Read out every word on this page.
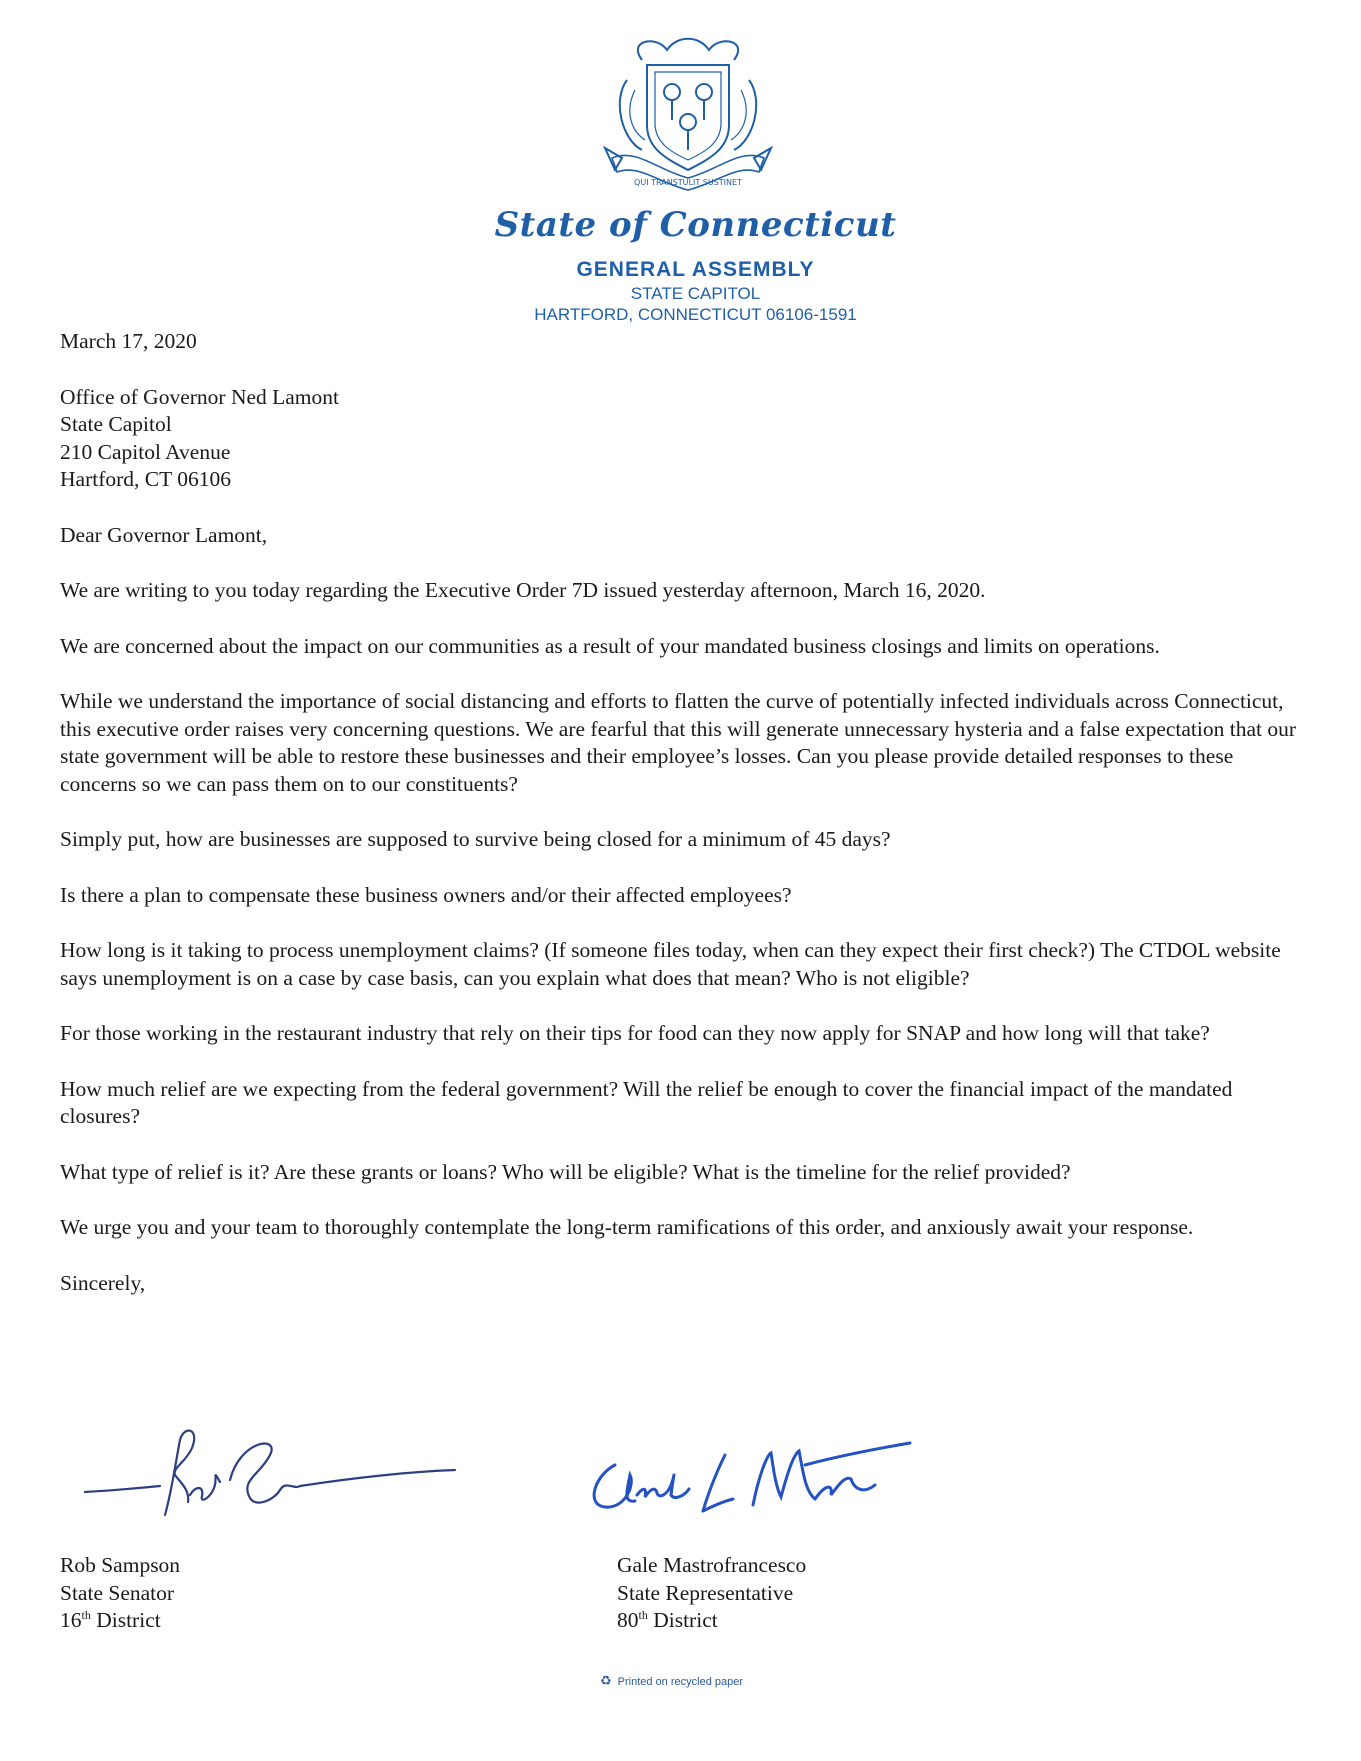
QUI TRANSTULIT SUSTINET
State of Connecticut
GENERAL ASSEMBLY
STATE CAPITOL
HARTFORD, CONNECTICUT 06106-1591
March 17, 2020

Office of Governor Ned Lamont

State Capitol

210 Capitol Avenue

Hartford, CT 06106

Dear Governor Lamont,

We are writing to you today regarding the Executive Order 7D issued yesterday afternoon, March 16, 2020.

We are concerned about the impact on our communities as a result of your mandated business closings and limits on operations.

While we understand the importance of social distancing and efforts to flatten the curve of potentially infected individuals across Connecticut, this executive order raises very concerning questions. We are fearful that this will generate unnecessary hysteria and a false expectation that our state government will be able to restore these businesses and their employee’s losses. Can you please provide detailed responses to these concerns so we can pass them on to our constituents?

Simply put, how are businesses are supposed to survive being closed for a minimum of 45 days?

Is there a plan to compensate these business owners and/or their affected employees?

How long is it taking to process unemployment claims? (If someone files today, when can they expect their first check?) The CTDOL website says unemployment is on a case by case basis, can you explain what does that mean? Who is not eligible?

For those working in the restaurant industry that rely on their tips for food can they now apply for SNAP and how long will that take?

How much relief are we expecting from the federal government? Will the relief be enough to cover the financial impact of the mandated closures?

What type of relief is it? Are these grants or loans? Who will be eligible? What is the timeline for the relief provided?

We urge you and your team to thoroughly contemplate the long-term ramifications of this order, and anxiously await your response.

Sincerely,

Rob Sampson
State Senator
16th District
Gale Mastrofrancesco
State Representative
80th District
♻ Printed on recycled paper
